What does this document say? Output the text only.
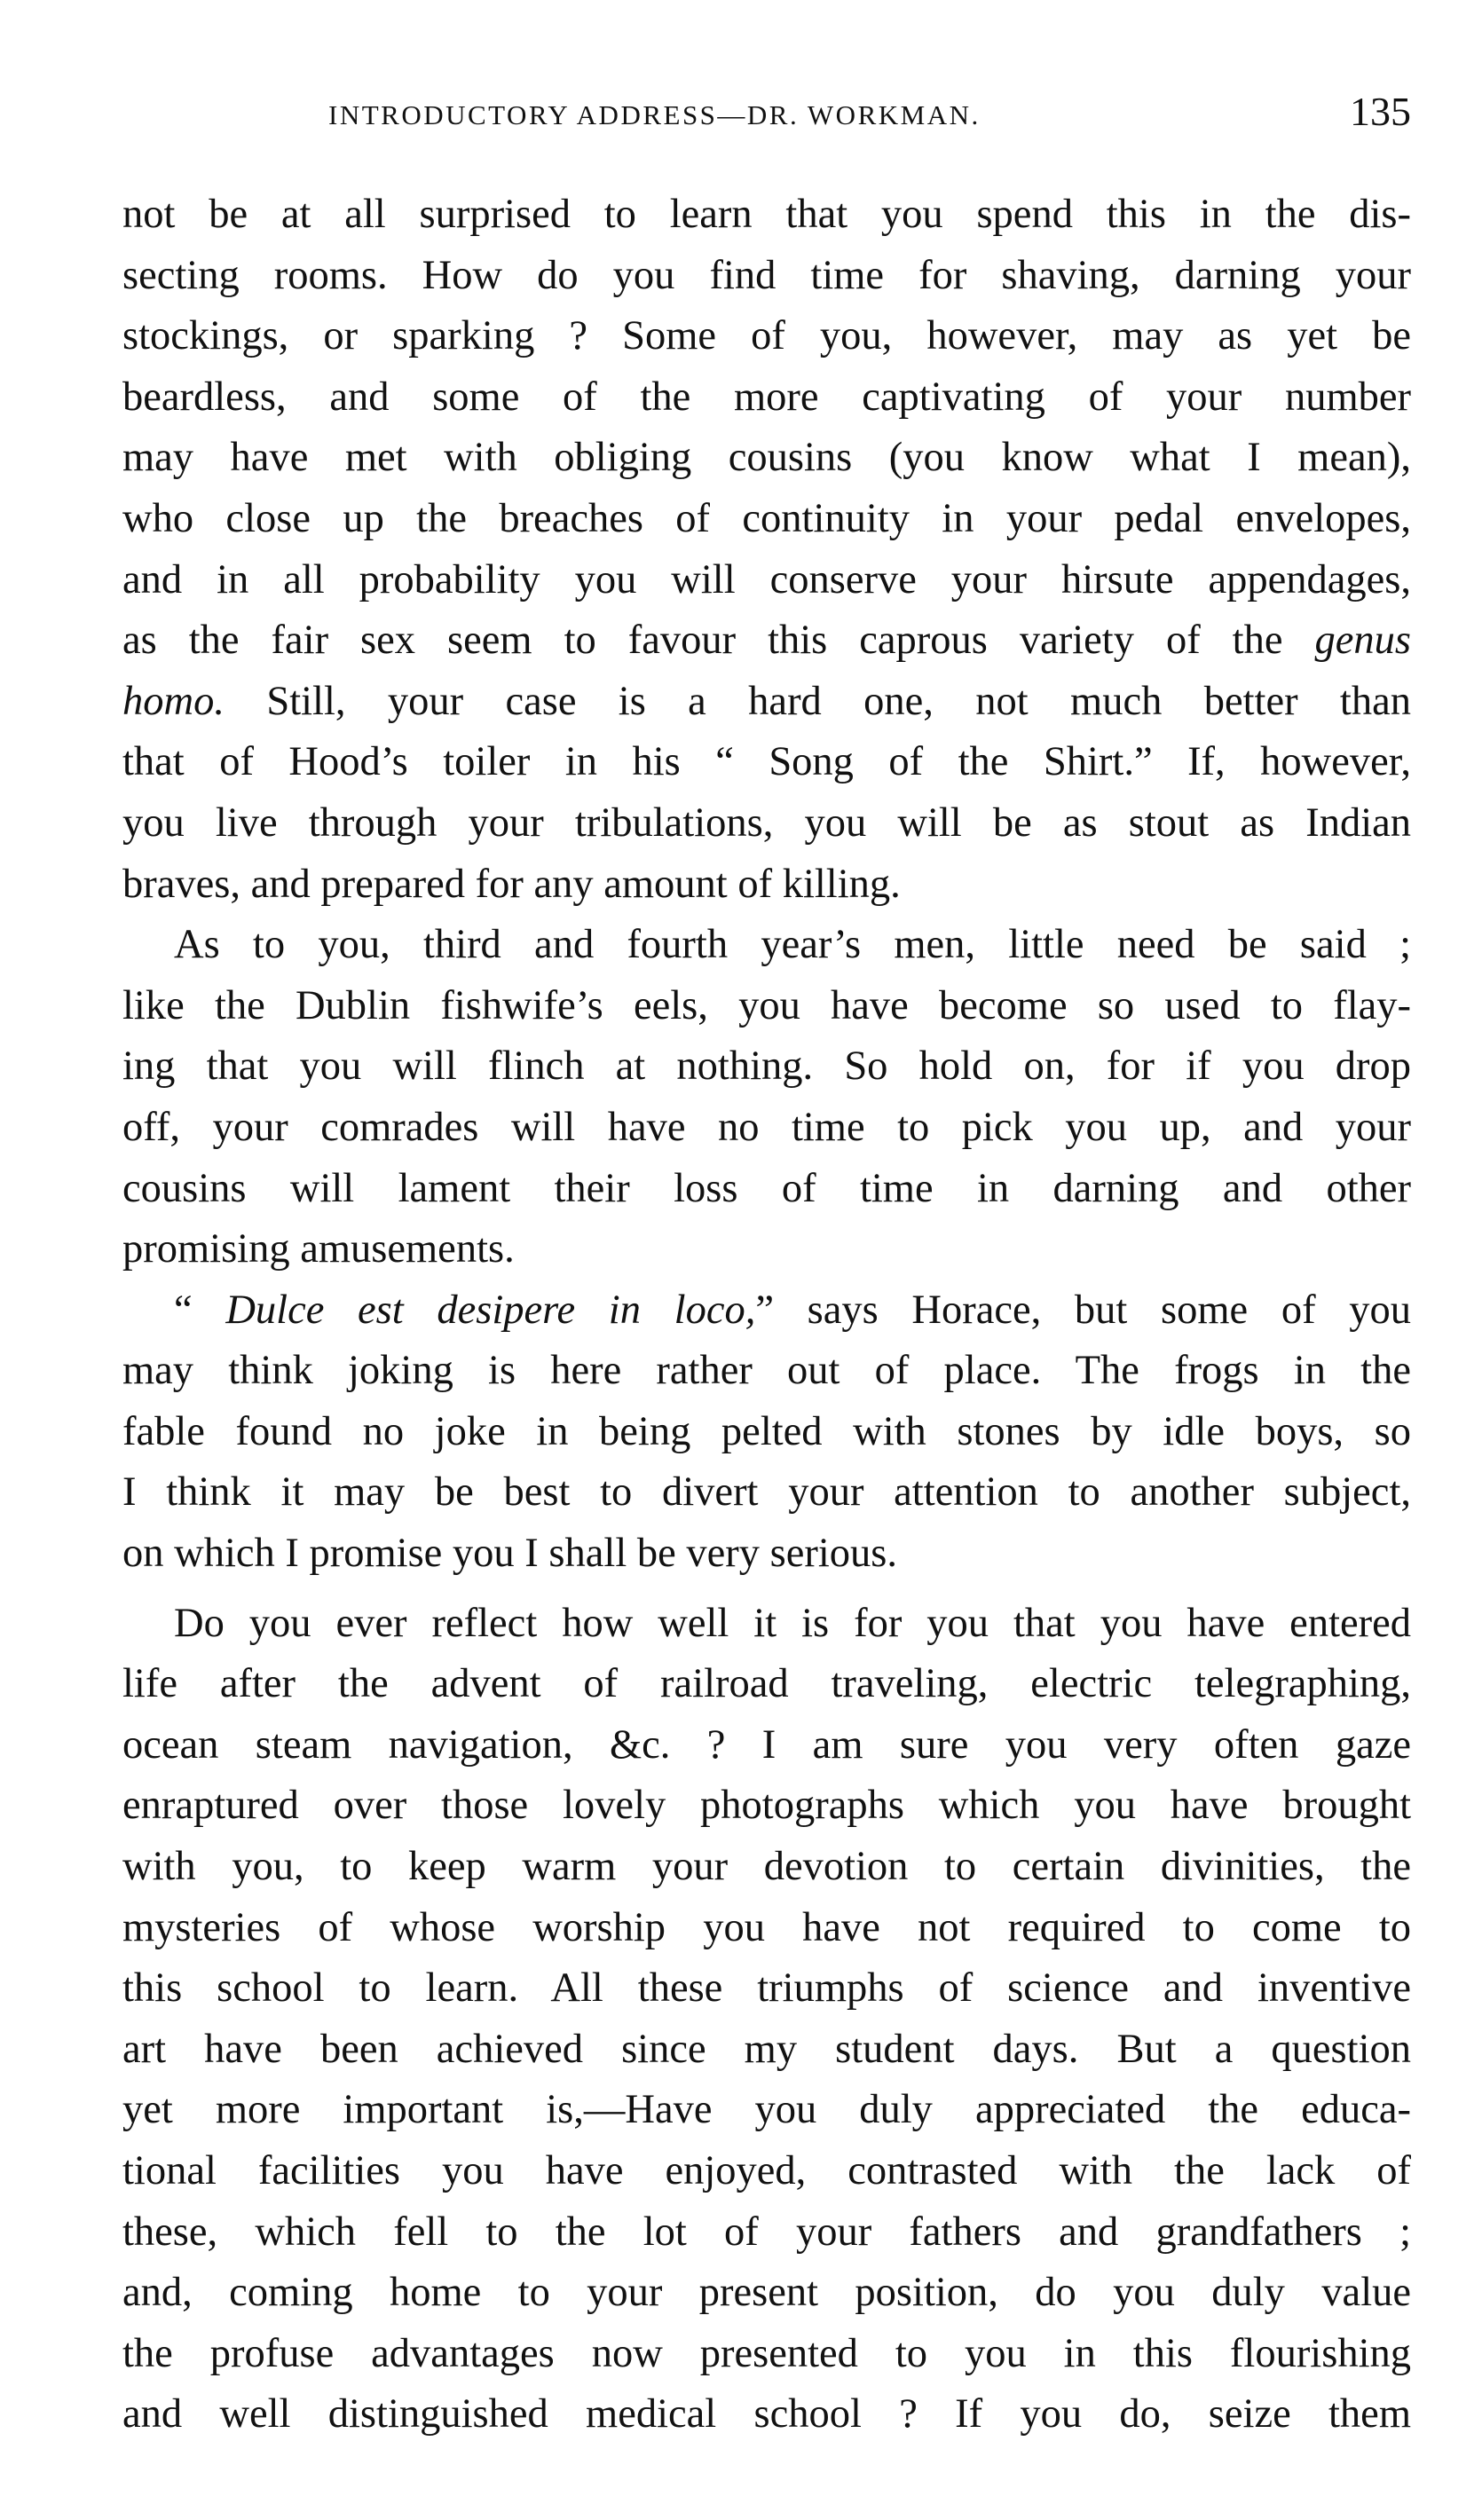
INTRODUCTORY ADDRESS—DR. WORKMAN.	135
not be at all surprised to learn that you spend this in the dis-
secting rooms. How do you find time for shaving, darning your
stockings, or sparking ? Some of you, however, may as yet be
beardless, and some of the more captivating of your number
may have met with obliging cousins (you know what I mean),
who close up the breaches of continuity in your pedal envelopes,
and in all probability you will conserve your hirsute appendages,
as the fair sex seem to favour this caprous variety of the genus
homo. Still, your case is a hard one, not much better than
that of Hood’s toiler in his “ Song of the Shirt.” If, however,
you live through your tribulations, you will be as stout as Indian
braves, and prepared for any amount of killing.
As to you, third and fourth year’s men, little need be said ;
like the Dublin fishwife’s eels, you have become so used to flay-
ing that you will flinch at nothing. So hold on, for if you drop
off, your comrades will have no time to pick you up, and your
cousins will lament their loss of time in darning and other
promising amusements.
“ Dulce est desipere in loco,” says Horace, but some of you
may think joking is here rather out of place. The frogs in the
fable found no joke in being pelted with stones by idle boys, so
I think it may be best to divert your attention to another subject,
on which I promise you I shall be very serious.
Do you ever reflect how well it is for you that you have entered
life after the advent of railroad traveling, electric telegraphing,
ocean steam navigation, &c. ? I am sure you very often gaze
enraptured over those lovely photographs which you have brought
with you, to keep warm your devotion to certain divinities, the
mysteries of whose worship you have not required to come to
this school to learn. All these triumphs of science and inventive
art have been achieved since my student days. But a question
yet more important is,—Have you duly appreciated the educa-
tional facilities you have enjoyed, contrasted with the lack of
these, which fell to the lot of your fathers and grandfathers ;
and, coming home to your present position, do you duly value
the profuse advantages now presented to you in this flourishing
and well distinguished medical school ? If you do, seize them
